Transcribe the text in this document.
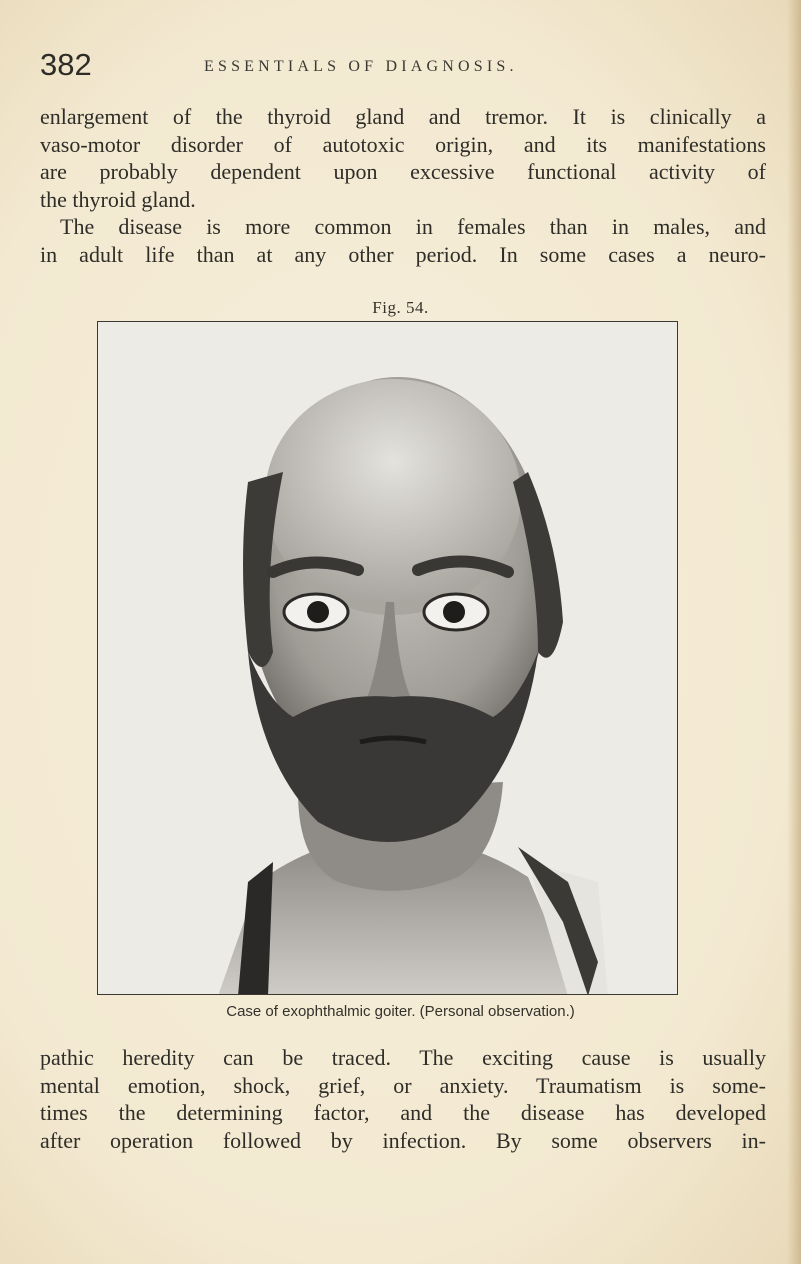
382	ESSENTIALS OF DIAGNOSIS.
enlargement of the thyroid gland and tremor. It is clinically a
vaso-motor disorder of autotoxic origin, and its manifestations
are probably dependent upon excessive functional activity of
the thyroid gland.
The disease is more common in females than in males, and
in adult life than at any other period. In some cases a neuro-
Fig. 54.
Case of exophthalmic goiter. (Personal observation.)
pathic heredity can be traced. The exciting cause is usually
mental emotion, shock, grief, or anxiety. Traumatism is some-
times the determining factor, and the disease has developed
after operation followed by infection. By some observers in-
